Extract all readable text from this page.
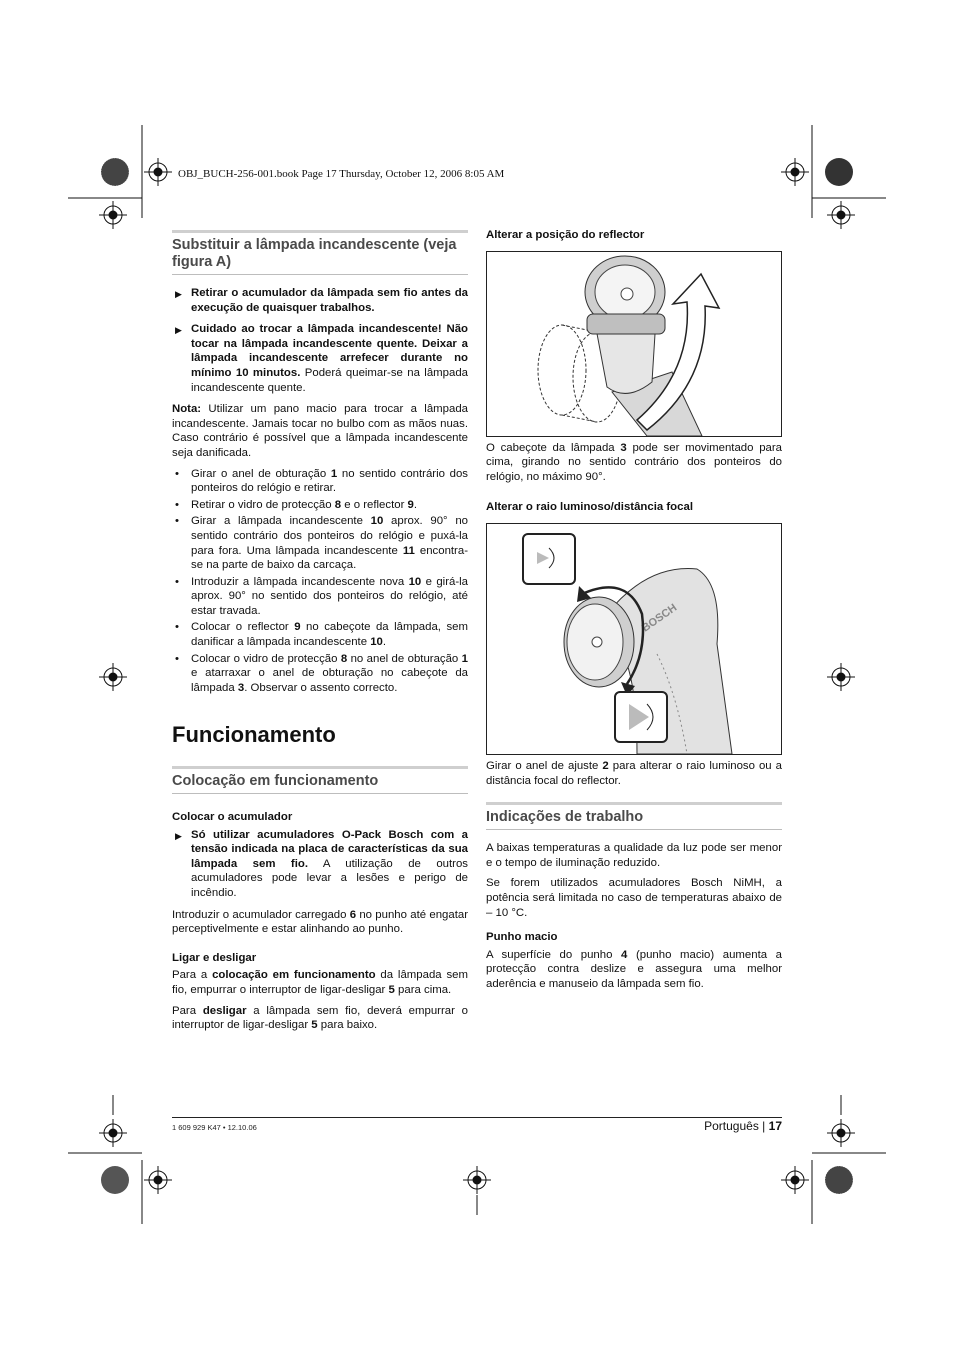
OBJ_BUCH-256-001.book Page 17 Thursday, October 12, 2006 8:05 AM
Substituir a lâmpada incandescente (veja figura A)
▶ Retirar o acumulador da lâmpada sem fio antes da execução de quaisquer trabalhos.
▶ Cuidado ao trocar a lâmpada incandescente! Não tocar na lâmpada incandescente quente. Deixar a lâmpada incandescente arrefecer durante no mínimo 10 minutos. Poderá queimar-se na lâmpada incandescente quente.

Nota: Utilizar um pano macio para trocar a lâmpada incandescente. Jamais tocar no bulbo com as mãos nuas. Caso contrário é possível que a lâmpada incandescente seja danificada.

• Girar o anel de obturação 1 no sentido contrário dos ponteiros do relógio e retirar.
• Retirar o vidro de protecção 8 e o reflector 9.
• Girar a lâmpada incandescente 10 aprox. 90° no sentido contrário dos ponteiros do relógio e puxá-la para fora. Uma lâmpada incandescente 11 encontra-se na parte de baixo da carcaça.
• Introduzir a lâmpada incandescente nova 10 e girá-la aprox. 90° no sentido dos ponteiros do relógio, até estar travada.
• Colocar o reflector 9 no cabeçote da lâmpada, sem danificar a lâmpada incandescente 10.
• Colocar o vidro de protecção 8 no anel de obturação 1 e atarraxar o anel de obturação no cabeçote da lâmpada 3. Observar o assento correcto.
Funcionamento
Colocação em funcionamento
Colocar o acumulador
▶ Só utilizar acumuladores O-Pack Bosch com a tensão indicada na placa de características da sua lâmpada sem fio. A utilização de outros acumuladores pode levar a lesões e perigo de incêndio.

Introduzir o acumulador carregado 6 no punho até engatar perceptivelmente e estar alinhando ao punho.

Ligar e desligar

Para a colocação em funcionamento da lâmpada sem fio, empurrar o interruptor de ligar-desligar 5 para cima.

Para desligar a lâmpada sem fio, deverá empurrar o interruptor de ligar-desligar 5 para baixo.

Alterar a posição do reflector

O cabeçote da lâmpada 3 pode ser movimentado para cima, girando no sentido contrário dos ponteiros do relógio, no máximo 90°.

Alterar o raio luminoso/distância focal
BOSCH

Girar o anel de ajuste 2 para alterar o raio luminoso ou a distância focal do reflector.

Indicações de trabalho

A baixas temperaturas a qualidade da luz pode ser menor e o tempo de iluminação reduzido.

Se forem utilizados acumuladores Bosch NiMH, a potência será limitada no caso de temperaturas abaixo de – 10 °C.

Punho macio

A superfície do punho 4 (punho macio) aumenta a protecção contra deslize e assegura uma melhor aderência e manuseio da lâmpada sem fio.

1 609 929 K47 • 12.10.06	Português | 17
